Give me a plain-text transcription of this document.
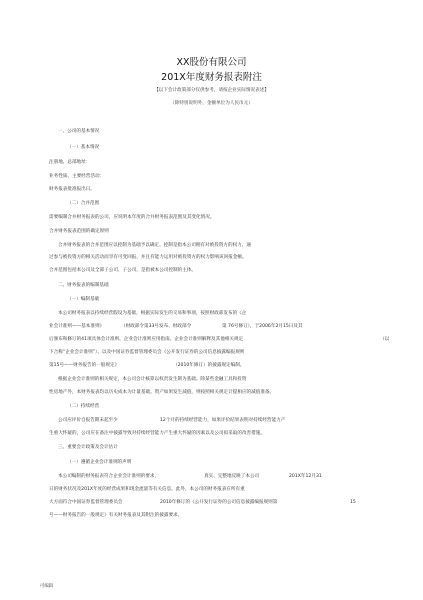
XX股份有限公司
201X年度财务报表附注
【以下会计政策部分仅供参考，请按企业实际情况表述】
（除特别说明外，金额单位为人民币元）
一、公司的基本情况
（一）基本情况
注册地、总部地址：
业务性质、主要经营活动：
财务报表批准报出日。
（二）合并范围
需要编制合并财务报表的公司，应说明本年度的合并财务报表范围及其变化情况。
合并财务报表范围的确定原则
合并财务报表的合并范围应以控制为基础予以确定。控制是指本公司拥有对被投资方的权力，通
过参与被投资方的相关活动而享有可变回报，并且有能力运用对被投资方的权力影响该回报金额。
合并范围包括本公司及全部子公司、子公司，是指被本公司控制的主体。
二、财务报表的编制基础
（一）编制基础
本公司财务报表以持续经营假设为基础，根据实际发生的交易和事项，按照财政部发布的《企
业会计准则——基本准则》	（财政部令第33号发布、财政部令	第 76号修订），于2006年2月15日及其
后颁布和修订的41项具体会计准则、企业会计准则应用指南、企业会计准则解释及其他相关规定	（以
下合称“企业会计准则”），以及中国证券监督管理委员会《公开发行证券的公司信息披露编报规则
第15号——财务报告的一般规定》	（2010年修订）的披露规定编制。
根据企业会计准则的相关规定，本公司会计核算以权责发生制为基础。除某些金融工具和投资
性房地产外，本财务报表均以历史成本为计量基础。资产如果发生减值，则按照相关规定计提相应的减值准备。
（二）持续经营
公司应评价自报告期末起至少	12个月的持续经营能力，如果评价结果表明对持续经营能力产
生重大怀疑的，公司应在备注中披露导致对持续经营能力产生重大怀疑的因素以及公司拟采取的改善措施。
三、重要会计政策及会计估计
（一）遵循企业会计准则的声明
本公司编制的财务报表符合企业会计准则的要求，	真实、完整地反映了本公司	201X年12月31
日的财务状况及201X年度的经营成果和现金流量等有关信息。此外，本公司的财务报表在所有重
大方面符合中国证券监督管理委员会	2010年修订的《公开发行证券的公司信息披露编报规则第	15
号——财务报告的一般规定》有关财务报表及其附注的披露要求。
可编辑
